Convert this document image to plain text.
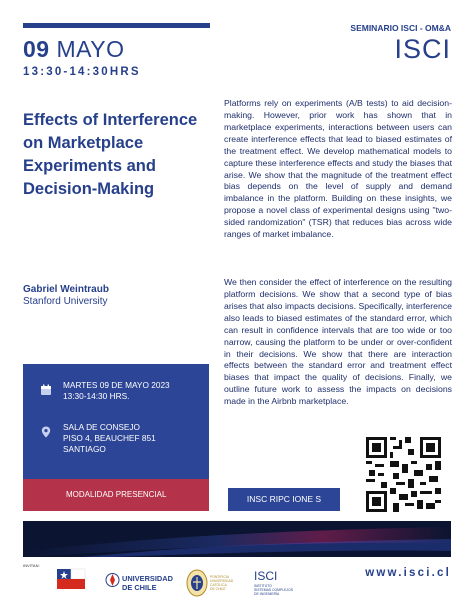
09 MAYO
13:30-14:30HRS
SEMINARIO ISCI - OM&A
ISCI
Effects of Interference on Marketplace Experiments and Decision-Making
Gabriel Weintraub
Stanford University

Platforms rely on experiments (A/B tests) to aid decision-making. However, prior work has shown that in marketplace experiments, interactions between users can create interference effects that lead to biased estimates of the treatment effect. We develop mathematical models to capture these interference effects and study the biases that arise. We show that the magnitude of the treatment effect bias depends on the level of supply and demand imbalance in the platform. Building on these insights, we propose a novel class of experimental designs using "two-sided randomization" (TSR) that reduces bias across wide ranges of market imbalance.

We then consider the effect of interference on the resulting platform decisions. We show that a second type of bias arises that also impacts decisions. Specifically, interference also leads to biased estimates of the standard error, which can result in confidence intervals that are too wide or too narrow, causing the platform to be under or over-confident in their decisions. We show that there are interaction effects between the standard error and treatment effect biases that impact the quality of decisions. Finally, we outline future work to assess the impacts on decisions made in the Airbnb marketplace.

MARTES 09 DE MAYO 2023
13:30-14:30 HRS.
SALA DE CONSEJO
PISO 4, BEAUCHEF 851
SANTIAGO
MODALIDAD PRESENCIAL	INSC RIPC IONE S
INVITAN:
UNIVERSIDAD
DE CHILE
PONTIFICIA
UNIVERSIDAD
CATÓLICA
DE CHILE
ISCI
INSTITUTO
SISTEMAS COMPLEJOS
DE INGENIERÍA
www.isci.cl
